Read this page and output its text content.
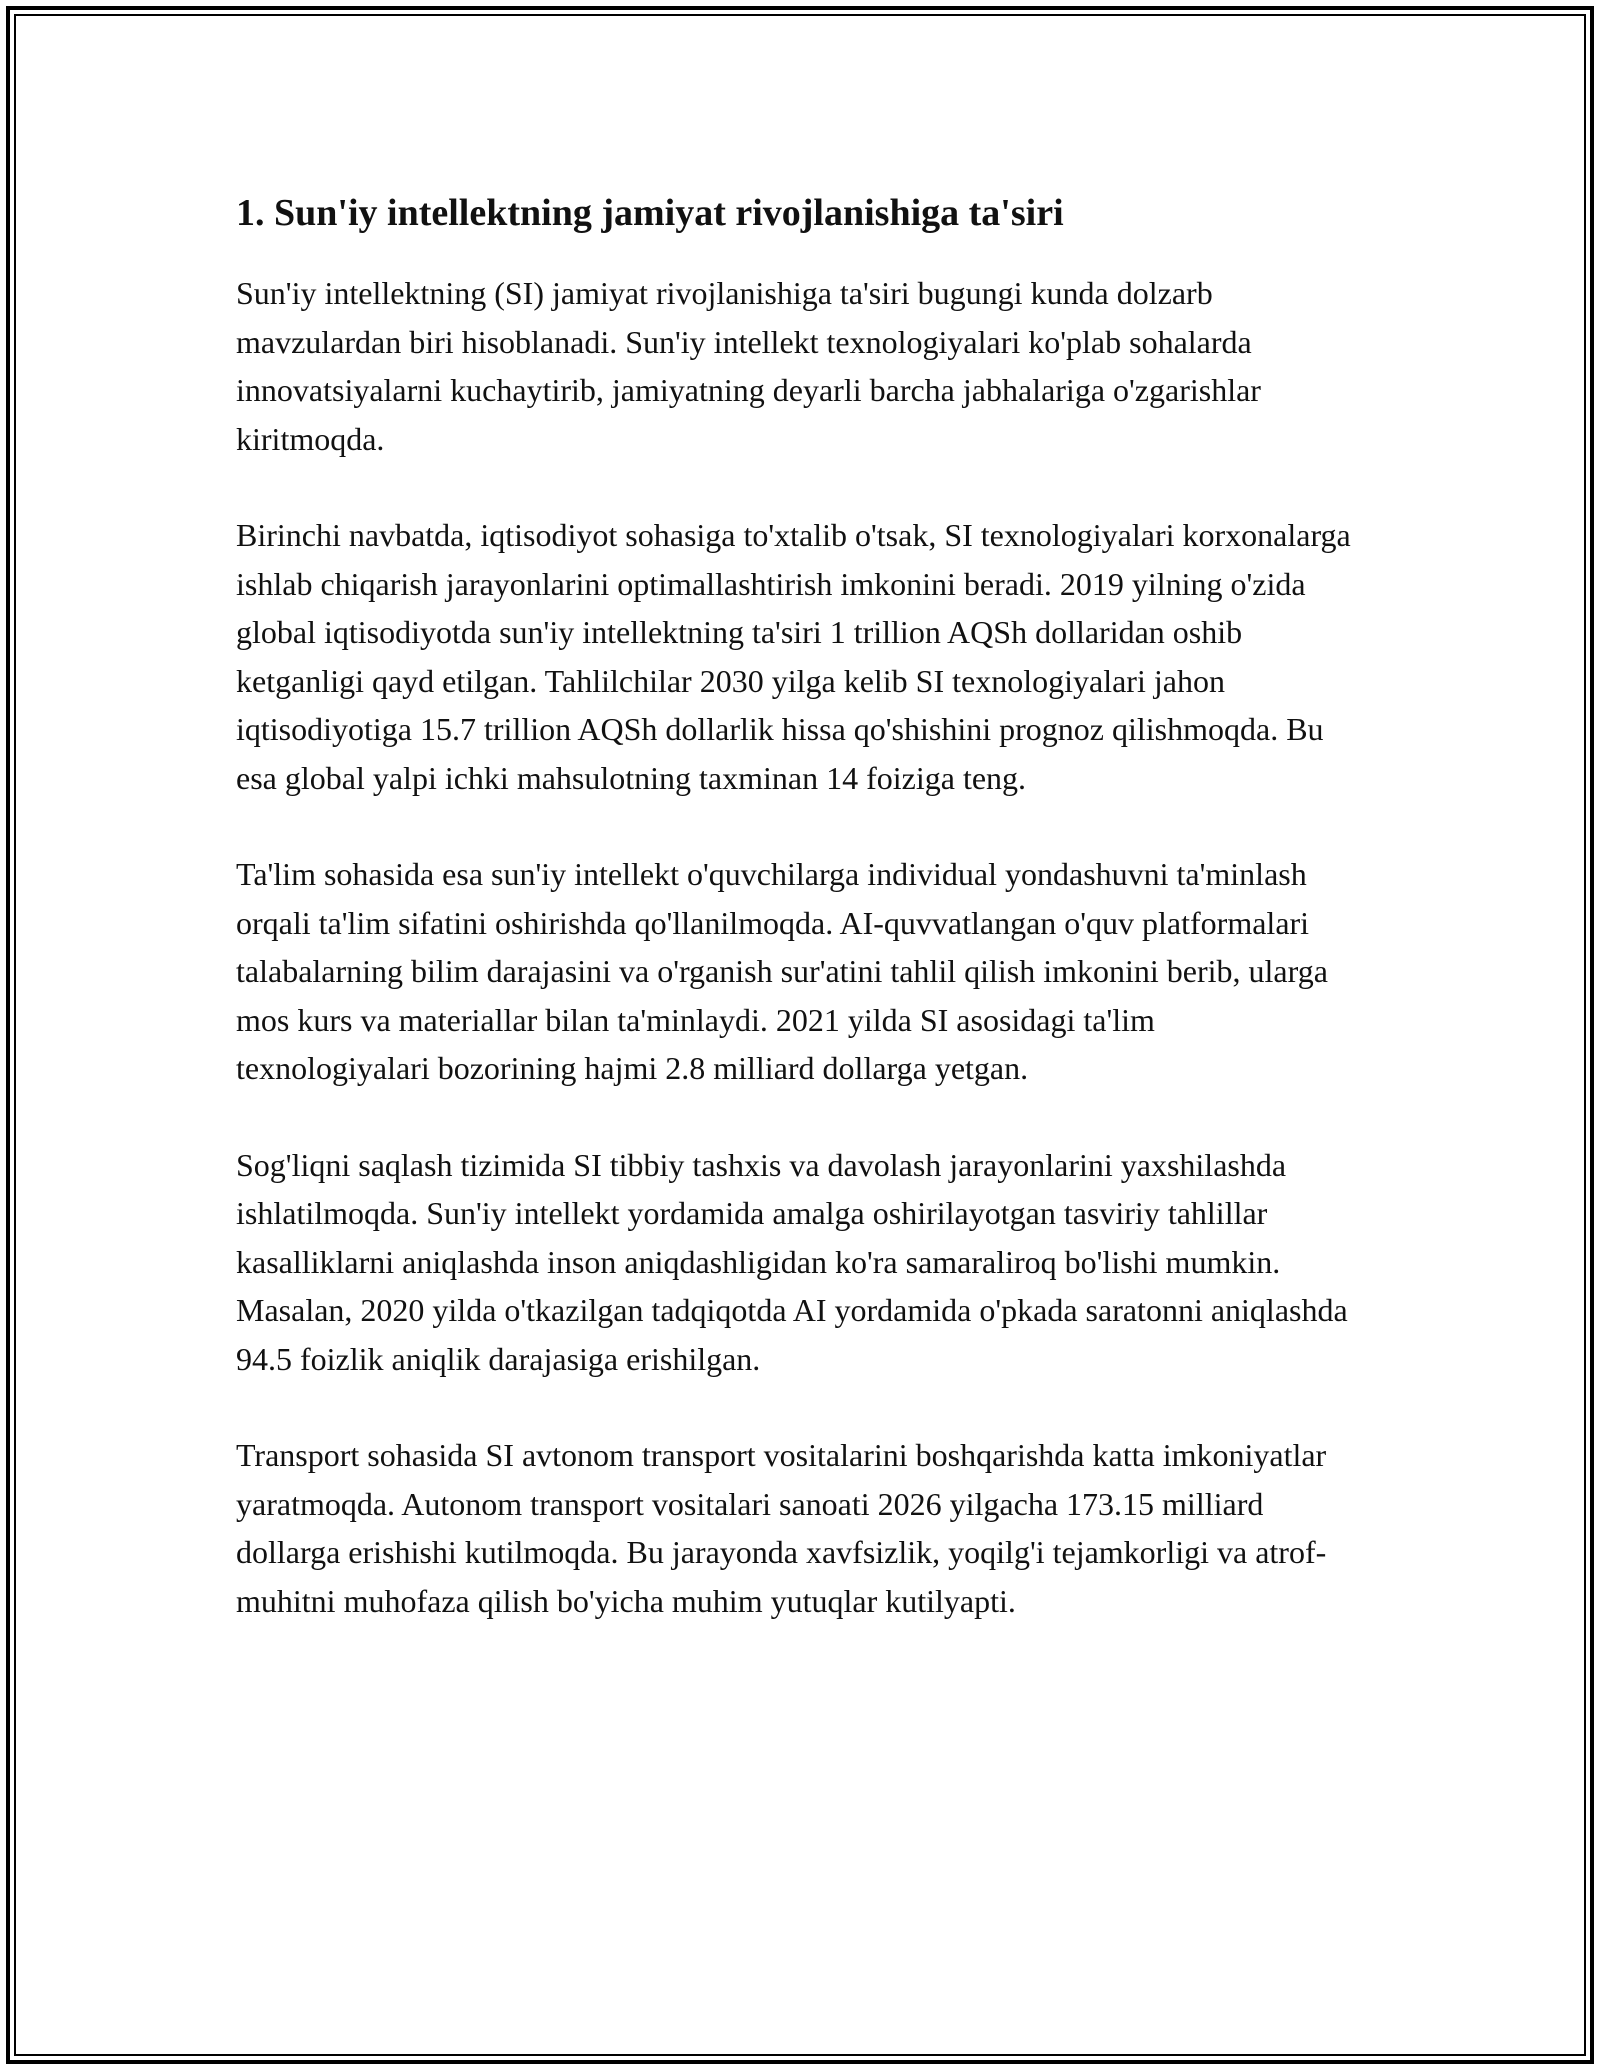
1. Sun'iy intellektning jamiyat rivojlanishiga ta'siri

Sun'iy intellektning (SI) jamiyat rivojlanishiga ta'siri bugungi kunda dolzarb mavzulardan biri hisoblanadi. Sun'iy intellekt texnologiyalari ko'plab sohalarda innovatsiyalarni kuchaytirib, jamiyatning deyarli barcha jabhalariga o'zgarishlar kiritmoqda.

Birinchi navbatda, iqtisodiyot sohasiga to'xtalib o'tsak, SI texnologiyalari korxonalarga ishlab chiqarish jarayonlarini optimallashtirish imkonini beradi. 2019 yilning o'zida global iqtisodiyotda sun'iy intellektning ta'siri 1 trillion AQSh dollaridan oshib ketganligi qayd etilgan. Tahlilchilar 2030 yilga kelib SI texnologiyalari jahon iqtisodiyotiga 15.7 trillion AQSh dollarlik hissa qo'shishini prognoz qilishmoqda. Bu esa global yalpi ichki mahsulotning taxminan 14 foiziga teng.

Ta'lim sohasida esa sun'iy intellekt o'quvchilarga individual yondashuvni ta'minlash orqali ta'lim sifatini oshirishda qo'llanilmoqda. AI-quvvatlangan o'quv platformalari talabalarning bilim darajasini va o'rganish sur'atini tahlil qilish imkonini berib, ularga mos kurs va materiallar bilan ta'minlaydi. 2021 yilda SI asosidagi ta'lim texnologiyalari bozorining hajmi 2.8 milliard dollarga yetgan.

Sog'liqni saqlash tizimida SI tibbiy tashxis va davolash jarayonlarini yaxshilashda ishlatilmoqda. Sun'iy intellekt yordamida amalga oshirilayotgan tasviriy tahlillar kasalliklarni aniqlashda inson aniqdashligidan ko'ra samaraliroq bo'lishi mumkin. Masalan, 2020 yilda o'tkazilgan tadqiqotda AI yordamida o'pkada saratonni aniqlashda 94.5 foizlik aniqlik darajasiga erishilgan.

Transport sohasida SI avtonom transport vositalarini boshqarishda katta imkoniyatlar yaratmoqda. Autonom transport vositalari sanoati 2026 yilgacha 173.15 milliard dollarga erishishi kutilmoqda. Bu jarayonda xavfsizlik, yoqilg'i tejamkorligi va atrof-muhitni muhofaza qilish bo'yicha muhim yutuqlar kutilyapti.
